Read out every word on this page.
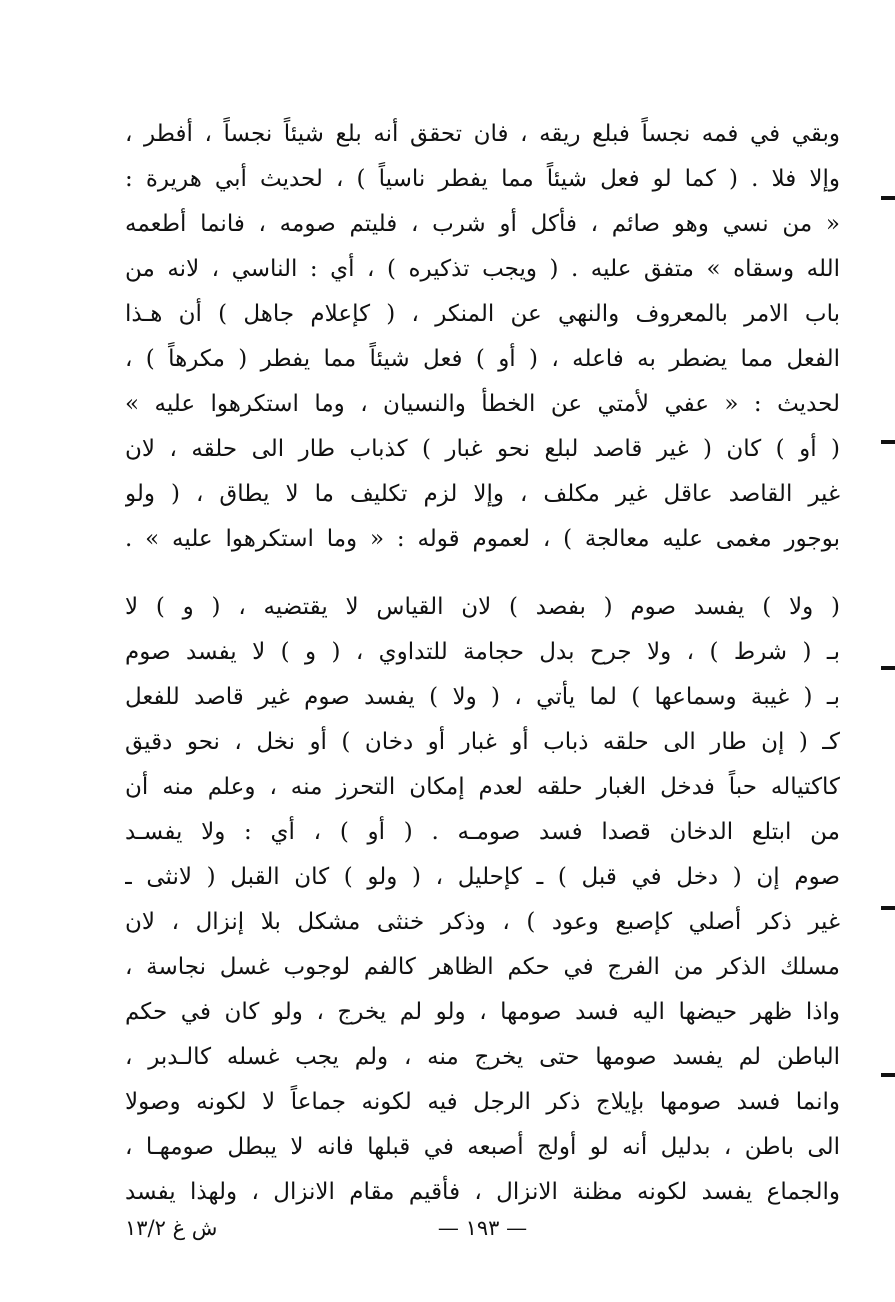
وبقي في فمه نجساً فبلع ريقه ، فان تحقق أنه بلع شيئاً نجساً ، أفطر ،
وإلا فلا . ( كما لو فعل شيئاً مما يفطر ناسياً ) ، لحديث أبي هريرة :
« من نسي وهو صائم ، فأكل أو شرب ، فليتم صومه ، فانما أطعمه
الله وسقاه » متفق عليه . ( ويجب تذكيره ) ، أي : الناسي ، لانه من
باب الامر بالمعروف والنهي عن المنكر ، ( كإعلام جاهل ) أن هـذا
الفعل مما يضطر به فاعله ، ( أو ) فعل شيئاً مما يفطر ( مكرهاً ) ،
لحديث : « عفي لأمتي عن الخطأ والنسيان ، وما استكرهوا عليه »
( أو ) كان ( غير قاصد لبلع نحو غبار ) كذباب طار الى حلقه ، لان
غير القاصد عاقل غير مكلف ، وإلا لزم تكليف ما لا يطاق ، ( ولو
بوجور مغمى عليه معالجة ) ، لعموم قوله : « وما استكرهوا عليه » .
( ولا ) يفسد صوم ( بفصد ) لان القياس لا يقتضيه ، ( و ) لا
بـ ( شرط ) ، ولا جرح بدل حجامة للتداوي ، ( و ) لا يفسد صوم
بـ ( غيبة وسماعها ) لما يأتي ، ( ولا ) يفسد صوم غير قاصد للفعل
كـ ( إن طار الى حلقه ذباب أو غبار أو دخان ) أو نخل ، نحو دقيق
كاكتياله حباً فدخل الغبار حلقه لعدم إمكان التحرز منه ، وعلم منه أن
من ابتلع الدخان قصدا فسد صومـه . ( أو ) ، أي : ولا يفسـد
صوم إن ( دخل في قبل ) ـ كإحليل ، ( ولو ) كان القبل ( لانثى ـ
غير ذكر أصلي كإصبع وعود ) ، وذكر خنثى مشكل بلا إنزال ، لان
مسلك الذكر من الفرج في حكم الظاهر كالفم لوجوب غسل نجاسة ،
واذا ظهر حيضها اليه فسد صومها ، ولو لم يخرج ، ولو كان في حكم
الباطن لم يفسد صومها حتى يخرج منه ، ولم يجب غسله كالـدبر ،
وانما فسد صومها بإيلاج ذكر الرجل فيه لكونه جماعاً لا لكونه وصولا
الى باطن ، بدليل أنه لو أولج أصبعه في قبلها فانه لا يبطل صومهـا ،
والجماع يفسد لكونه مظنة الانزال ، فأقيم مقام الانزال ، ولهذا يفسد
— ١٩٣ —
ش غ ١٣/٢
